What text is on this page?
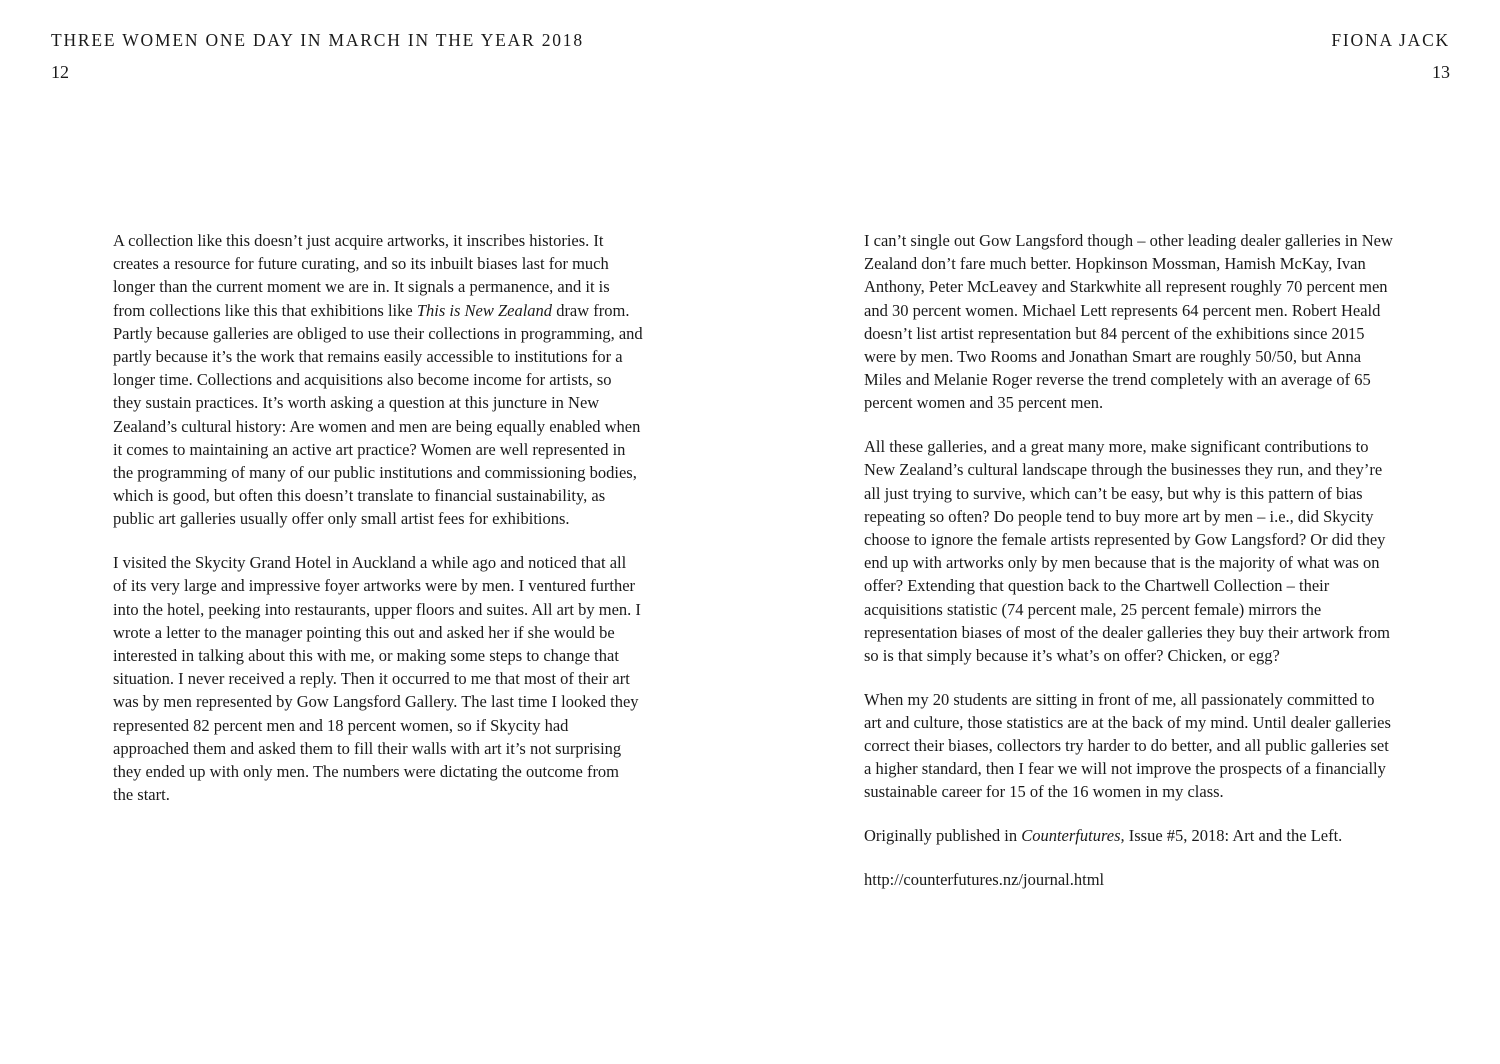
THREE WOMEN ONE DAY IN MARCH IN THE YEAR 2018
12

A collection like this doesn’t just acquire artworks, it inscribes histories. It creates a resource for future curating, and so its inbuilt biases last for much longer than the current moment we are in. It signals a permanence, and it is from collections like this that exhibitions like This is New Zealand draw from. Partly because galleries are obliged to use their collections in programming, and partly because it’s the work that remains easily accessible to institutions for a longer time. Collections and acquisitions also become income for artists, so they sustain practices. It’s worth asking a question at this juncture in New Zealand’s cultural history: Are women and men are being equally enabled when it comes to maintaining an active art practice? Women are well represented in the programming of many of our public institutions and commissioning bodies, which is good, but often this doesn’t translate to financial sustainability, as public art galleries usually offer only small artist fees for exhibitions.

I visited the Skycity Grand Hotel in Auckland a while ago and noticed that all of its very large and impressive foyer artworks were by men. I ventured further into the hotel, peeking into restaurants, upper floors and suites. All art by men. I wrote a letter to the manager pointing this out and asked her if she would be interested in talking about this with me, or making some steps to change that situation. I never received a reply. Then it occurred to me that most of their art was by men represented by Gow Langsford Gallery. The last time I looked they represented 82 percent men and 18 percent women, so if Skycity had approached them and asked them to fill their walls with art it’s not surprising they ended up with only men. The numbers were dictating the outcome from the start.

FIONA JACK
13

I can’t single out Gow Langsford though – other leading dealer galleries in New Zealand don’t fare much better. Hopkinson Mossman, Hamish McKay, Ivan Anthony, Peter McLeavey and Starkwhite all represent roughly 70 percent men and 30 percent women. Michael Lett represents 64 percent men. Robert Heald doesn’t list artist representation but 84 percent of the exhibitions since 2015 were by men. Two Rooms and Jonathan Smart are roughly 50/50, but Anna Miles and Melanie Roger reverse the trend completely with an average of 65 percent women and 35 percent men.

All these galleries, and a great many more, make significant contributions to New Zealand’s cultural landscape through the businesses they run, and they’re all just trying to survive, which can’t be easy, but why is this pattern of bias repeating so often? Do people tend to buy more art by men – i.e., did Skycity choose to ignore the female artists represented by Gow Langsford? Or did they end up with artworks only by men because that is the majority of what was on offer? Extending that question back to the Chartwell Collection – their acquisitions statistic (74 percent male, 25 percent female) mirrors the representation biases of most of the dealer galleries they buy their artwork from so is that simply because it’s what’s on offer? Chicken, or egg?

When my 20 students are sitting in front of me, all passionately committed to art and culture, those statistics are at the back of my mind. Until dealer galleries correct their biases, collectors try harder to do better, and all public galleries set a higher standard, then I fear we will not improve the prospects of a financially sustainable career for 15 of the 16 women in my class.

Originally published in Counterfutures, Issue #5, 2018: Art and the Left.

http://counterfutures.nz/journal.html
